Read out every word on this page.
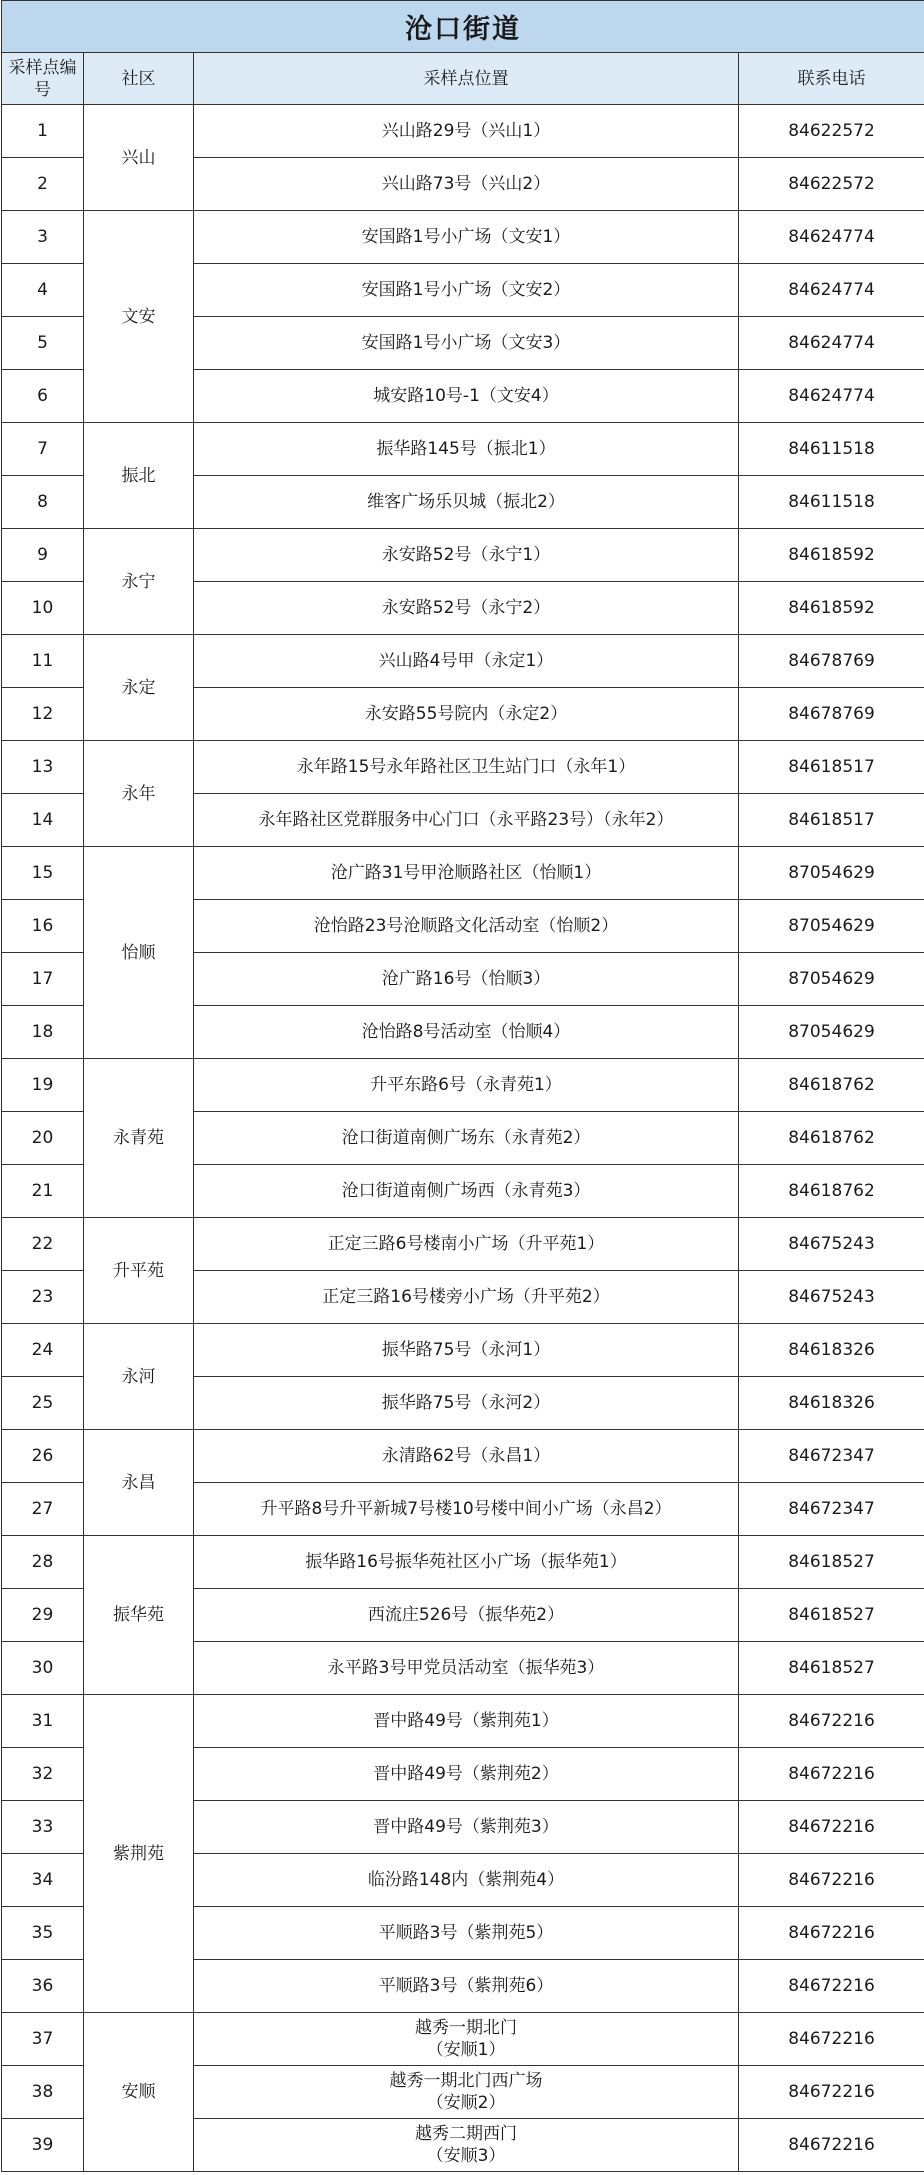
沧口街道			
采样点编号	社区	采样点位置	联系电话
1	兴山	兴山路29号（兴山1）	84622572
2		兴山路73号（兴山2）	84622572
3	文安	安国路1号小广场（文安1）	84624774
4		安国路1号小广场（文安2）	84624774
5		安国路1号小广场（文安3）	84624774
6		城安路10号-1（文安4）	84624774
7	振北	振华路145号（振北1）	84611518
8		维客广场乐贝城（振北2）	84611518
9	永宁	永安路52号（永宁1）	84618592
10		永安路52号（永宁2）	84618592
11	永定	兴山路4号甲（永定1）	84678769
12		永安路55号院内（永定2）	84678769
13	永年	永年路15号永年路社区卫生站门口（永年1）	84618517
14		永年路社区党群服务中心门口（永平路23号）（永年2）	84618517
15	怡顺	沧广路31号甲沧顺路社区（怡顺1）	87054629
16		沧怡路23号沧顺路文化活动室（怡顺2）	87054629
17		沧广路16号（怡顺3）	87054629
18		沧怡路8号活动室（怡顺4）	87054629
19	永青苑	升平东路6号（永青苑1）	84618762
20		沧口街道南侧广场东（永青苑2）	84618762
21		沧口街道南侧广场西（永青苑3）	84618762
22	升平苑	正定三路6号楼南小广场（升平苑1）	84675243
23		正定三路16号楼旁小广场（升平苑2）	84675243
24	永河	振华路75号（永河1）	84618326
25		振华路75号（永河2）	84618326
26	永昌	永清路62号（永昌1）	84672347
27		升平路8号升平新城7号楼10号楼中间小广场（永昌2）	84672347
28	振华苑	振华路16号振华苑社区小广场（振华苑1）	84618527
29		西流庄526号（振华苑2）	84618527
30		永平路3号甲党员活动室（振华苑3）	84618527
31	紫荆苑	晋中路49号（紫荆苑1）	84672216
32		晋中路49号（紫荆苑2）	84672216
33		晋中路49号（紫荆苑3）	84672216
34		临汾路148内（紫荆苑4）	84672216
35		平顺路3号（紫荆苑5）	84672216
36		平顺路3号（紫荆苑6）	84672216
37	安顺	越秀一期北门
（安顺1）	84672216
38		越秀一期北门西广场
（安顺2）	84672216
39		越秀二期西门
（安顺3）	84672216
